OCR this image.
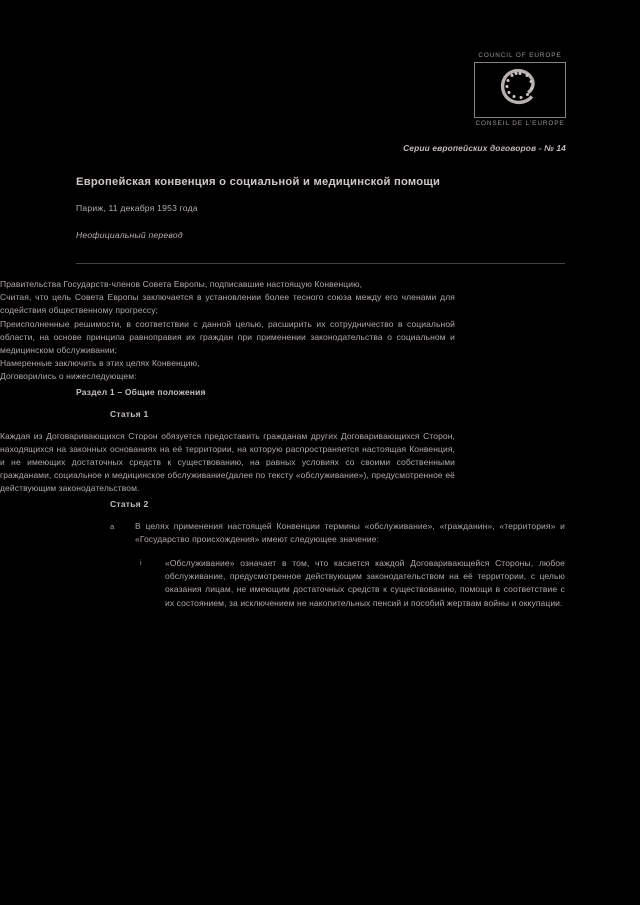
COUNCIL OF EUROPE
CONSEIL DE L'EUROPE
Серии европейских договоров - № 14
Европейская конвенция о социальной и медицинской помощи
Париж, 11 декабря 1953 года
Неофициальный перевод

Правительства Государств-членов Совета Европы, подписавшие настоящую Конвенцию,

Считая, что цель Совета Европы заключается в установлении более тесного союза между его членами для содействия общественному прогрессу;

Преисполненные решимости, в соответствии с данной целью, расширить их сотрудничество в социальной области, на основе принципа равноправия их граждан при применении законодательства о социальном и медицинском обслуживании;

Намеренные заключить в этих целях Конвенцию,

Договорились о нижеследующем:

Раздел 1 – Общие положения
Статья 1

Каждая из Договаривающихся Сторон обязуется предоставить гражданам других Договаривающихся Сторон, находящихся на законных основаниях на её территории, на которую распространяется настоящая Конвенция, и не имеющих достаточных средств к существованию, на равных условиях со своими собственными гражданами, социальное и медицинское обслуживание(далее по тексту «обслуживание»), предусмотренное её действующим законодательством.

Статья 2
a	В целях применения настоящей Конвенции термины «обслуживание», «гражданин», «территория» и «Государство происхождения» имеют следующее значение:

i	«Обслуживание» означает в том, что касается каждой Договаривающейся Стороны, любое обслуживание, предусмотренное действующим законодательством на её территории, с целью оказания лицам, не имеющим достаточных средств к существованию, помощи в соответствие с их состоянием, за исключением не накопительных пенсий и пособий жертвам войны и оккупации.
